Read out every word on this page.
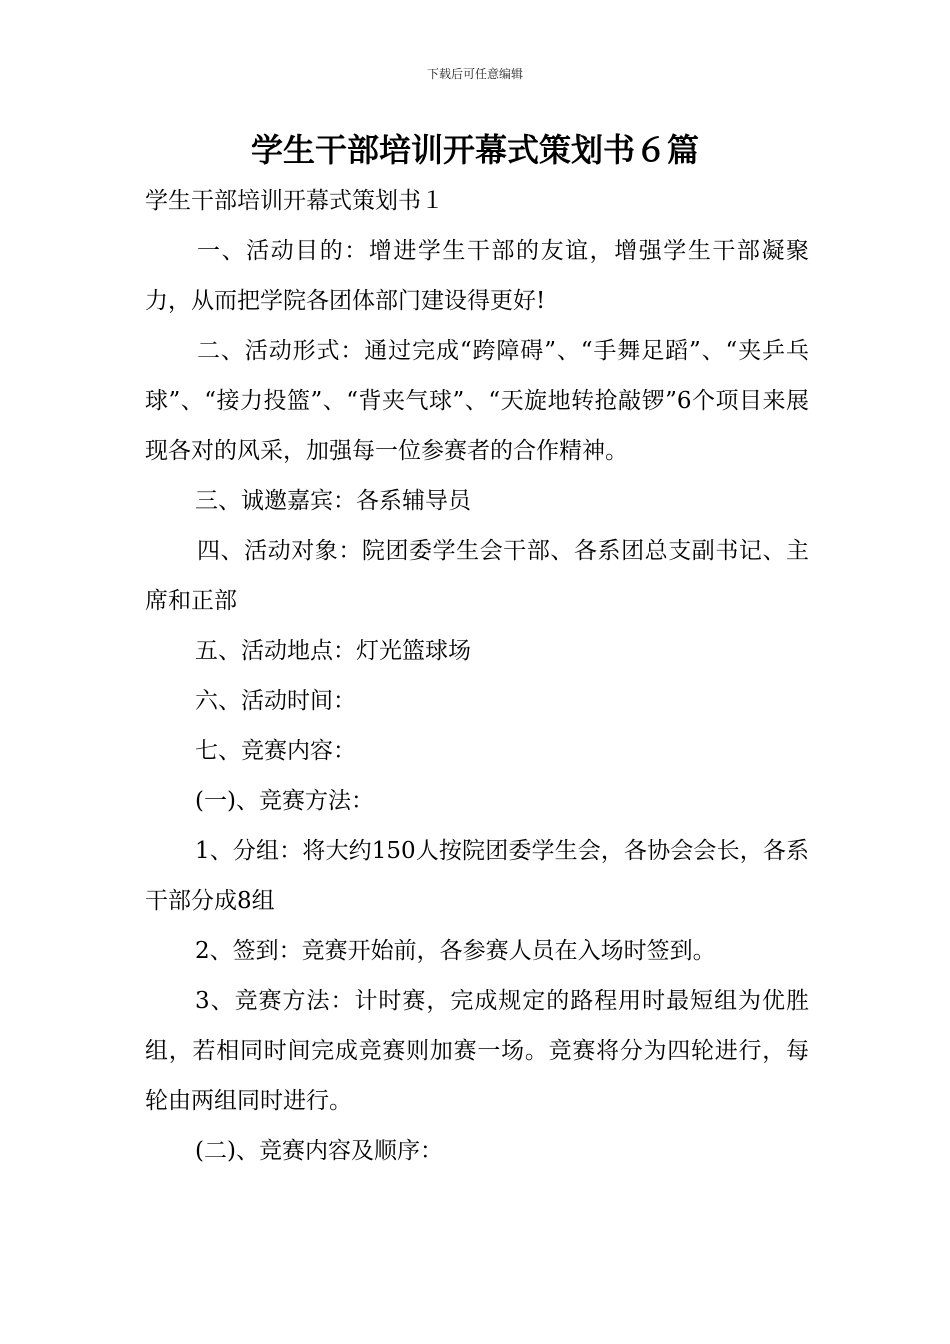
下载后可任意编辑
学生干部培训开幕式策划书６篇

学生干部培训开幕式策划书１

一、活动目的：增进学生干部的友谊，增强学生干部凝聚力，从而把学院各团体部门建设得更好!

二、活动形式：通过完成“跨障碍”、“手舞足蹈”、“夹乒乓球”、“接力投篮”、“背夹气球”、“天旋地转抢敲锣”6个项目来展现各对的风采，加强每一位参赛者的合作精神。

三、诚邀嘉宾：各系辅导员

四、活动对象：院团委学生会干部、各系团总支副书记、主席和正部

五、活动地点：灯光篮球场

六、活动时间：

七、竞赛内容：

(一)、竞赛方法：

1、分组：将大约150人按院团委学生会，各协会会长，各系干部分成8组

2、签到：竞赛开始前，各参赛人员在入场时签到。

3、竞赛方法：计时赛，完成规定的路程用时最短组为优胜组，若相同时间完成竞赛则加赛一场。竞赛将分为四轮进行，每轮由两组同时进行。

(二)、竞赛内容及顺序：
